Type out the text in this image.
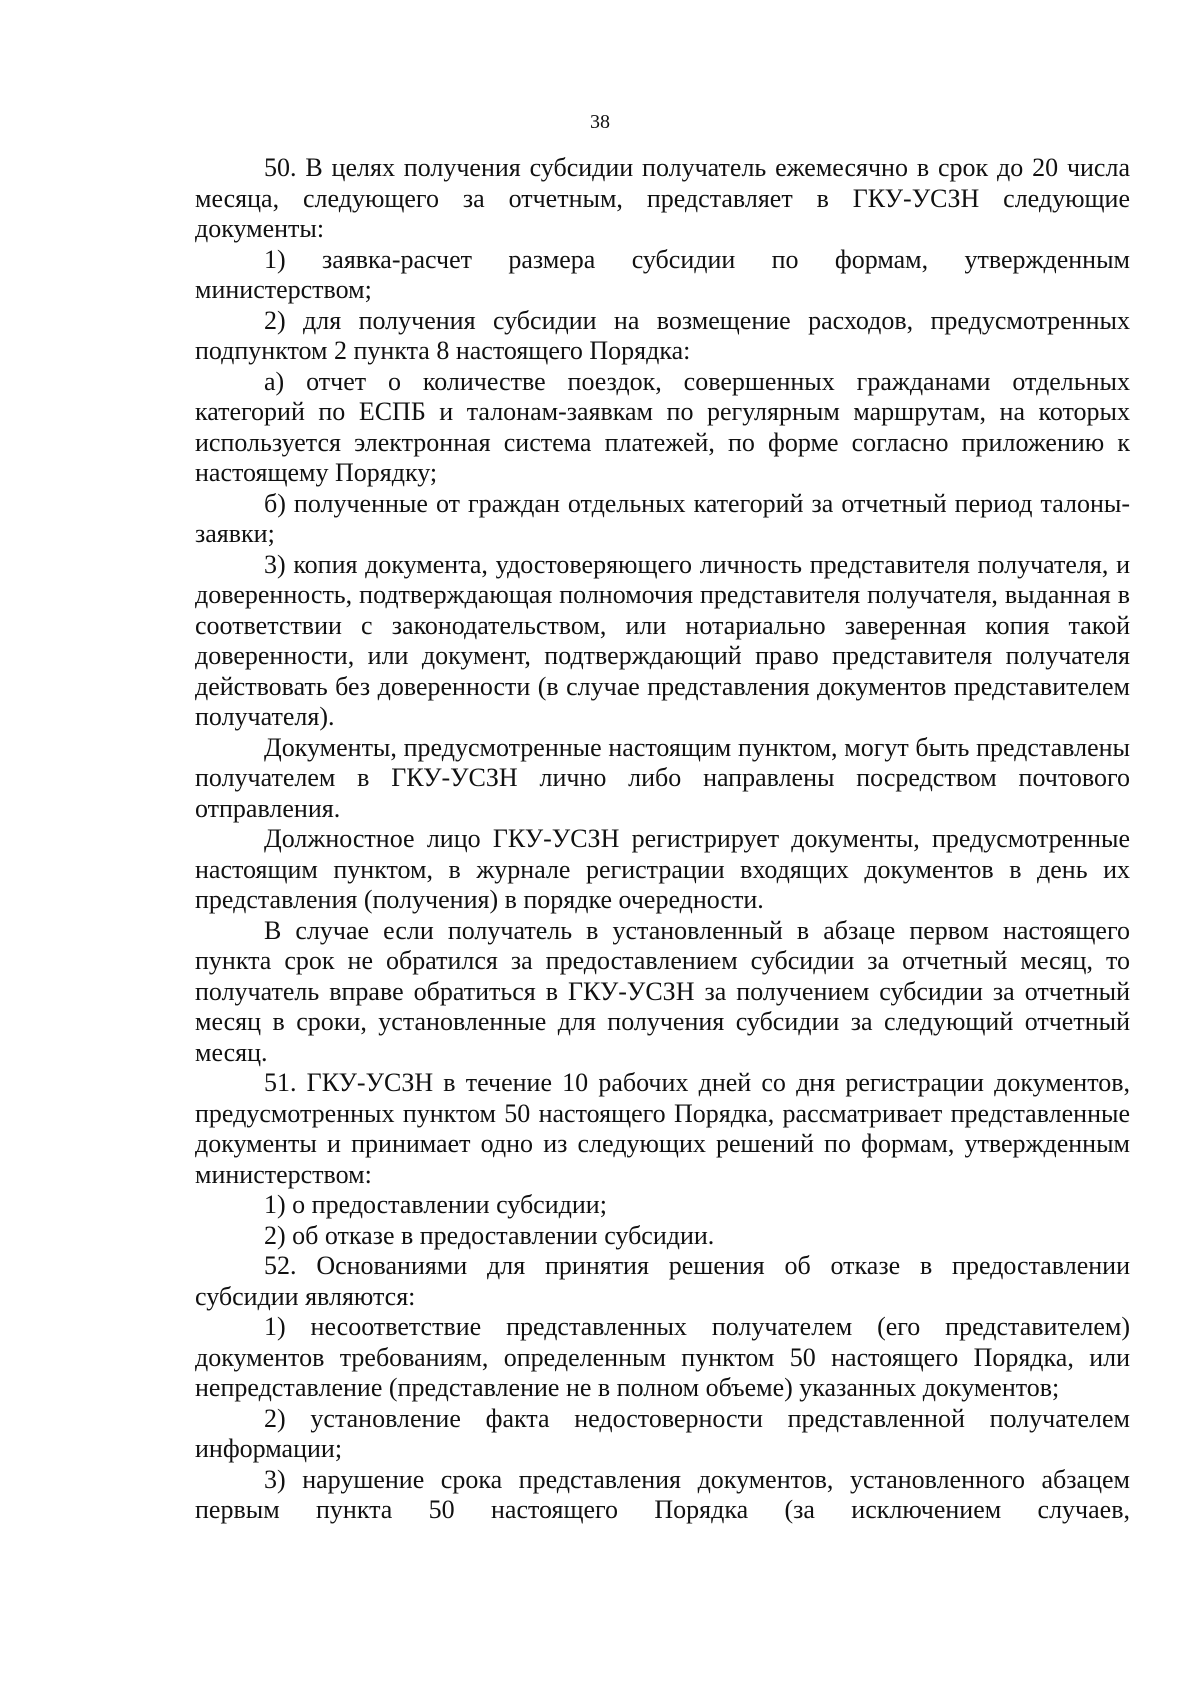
38

50. В целях получения субсидии получатель ежемесячно в срок до 20 числа месяца, следующего за отчетным, представляет в ГКУ-УСЗН следующие документы:

1) заявка-расчет размера субсидии по формам, утвержденным министерством;

2) для получения субсидии на возмещение расходов, предусмотренных подпунктом 2 пункта 8 настоящего Порядка:

а) отчет о количестве поездок, совершенных гражданами отдельных категорий по ЕСПБ и талонам-заявкам по регулярным маршрутам, на которых используется электронная система платежей, по форме согласно приложению к настоящему Порядку;

б) полученные от граждан отдельных категорий за отчетный период талоны-заявки;

3) копия документа, удостоверяющего личность представителя получателя, и доверенность, подтверждающая полномочия представителя получателя, выданная в соответствии с законодательством, или нотариально заверенная копия такой доверенности, или документ, подтверждающий право представителя получателя действовать без доверенности (в случае представления документов представителем получателя).

Документы, предусмотренные настоящим пунктом, могут быть представлены получателем в ГКУ-УСЗН лично либо направлены посредством почтового отправления.

Должностное лицо ГКУ-УСЗН регистрирует документы, предусмотренные настоящим пунктом, в журнале регистрации входящих документов в день их представления (получения) в порядке очередности.

В случае если получатель в установленный в абзаце первом настоящего пункта срок не обратился за предоставлением субсидии за отчетный месяц, то получатель вправе обратиться в ГКУ-УСЗН за получением субсидии за отчетный месяц в сроки, установленные для получения субсидии за следующий отчетный месяц.

51. ГКУ-УСЗН в течение 10 рабочих дней со дня регистрации документов, предусмотренных пунктом 50 настоящего Порядка, рассматривает представленные документы и принимает одно из следующих решений по формам, утвержденным министерством:

1) о предоставлении субсидии;

2) об отказе в предоставлении субсидии.

52. Основаниями для принятия решения об отказе в предоставлении субсидии являются:

1) несоответствие представленных получателем (его представителем) документов требованиям, определенным пунктом 50 настоящего Порядка, или непредставление (представление не в полном объеме) указанных документов;

2) установление факта недостоверности представленной получателем информации;

3) нарушение срока представления документов, установленного абзацем первым пункта 50 настоящего Порядка (за исключением случаев,
